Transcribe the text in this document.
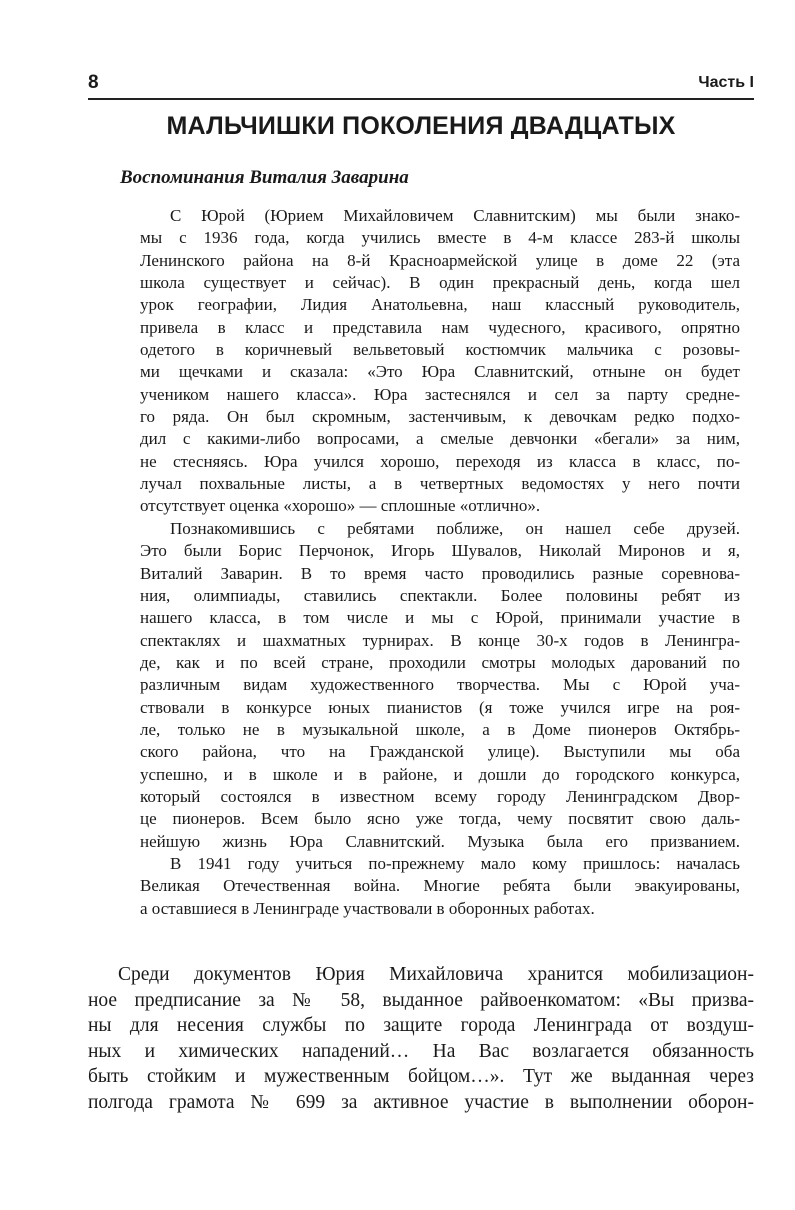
8	Часть I
МАЛЬЧИШКИ ПОКОЛЕНИЯ ДВАДЦАТЫХ
Воспоминания Виталия Заварина
С Юрой (Юрием Михайловичем Славнитским) мы были знако-
мы с 1936 года, когда учились вместе в 4-м классе 283-й школы
Ленинского района на 8-й Красноармейской улице в доме 22 (эта
школа существует и сейчас). В один прекрасный день, когда шел
урок географии, Лидия Анатольевна, наш классный руководитель,
привела в класс и представила нам чудесного, красивого, опрятно
одетого в коричневый вельветовый костюмчик мальчика с розовы-
ми щечками и сказала: «Это Юра Славнитский, отныне он будет
учеником нашего класса». Юра застеснялся и сел за парту средне-
го ряда. Он был скромным, застенчивым, к девочкам редко подхо-
дил с какими-либо вопросами, а смелые девчонки «бегали» за ним,
не стесняясь. Юра учился хорошо, переходя из класса в класс, по-
лучал похвальные листы, а в четвертных ведомостях у него почти
отсутствует оценка «хорошо» — сплошные «отлично».
Познакомившись с ребятами поближе, он нашел себе друзей.
Это были Борис Перчонок, Игорь Шувалов, Николай Миронов и я,
Виталий Заварин. В то время часто проводились разные соревнова-
ния, олимпиады, ставились спектакли. Более половины ребят из
нашего класса, в том числе и мы с Юрой, принимали участие в
спектаклях и шахматных турнирах. В конце 30-х годов в Ленингра-
де, как и по всей стране, проходили смотры молодых дарований по
различным видам художественного творчества. Мы с Юрой уча-
ствовали в конкурсе юных пианистов (я тоже учился игре на роя-
ле, только не в музыкальной школе, а в Доме пионеров Октябрь-
ского района, что на Гражданской улице). Выступили мы оба
успешно, и в школе и в районе, и дошли до городского конкурса,
который состоялся в известном всему городу Ленинградском Двор-
це пионеров. Всем было ясно уже тогда, чему посвятит свою даль-
нейшую жизнь Юра Славнитский. Музыка была его призванием.
В 1941 году учиться по-прежнему мало кому пришлось: началась
Великая Отечественная война. Многие ребята были эвакуированы,
а оставшиеся в Ленинграде участвовали в оборонных работах.
Среди документов Юрия Михайловича хранится мобилизацион-
ное предписание за № 58, выданное райвоенкоматом: «Вы призва-
ны для несения службы по защите города Ленинграда от воздуш-
ных и химических нападений… На Вас возлагается обязанность
быть стойким и мужественным бойцом…». Тут же выданная через
полгода грамота № 699 за активное участие в выполнении оборон-
